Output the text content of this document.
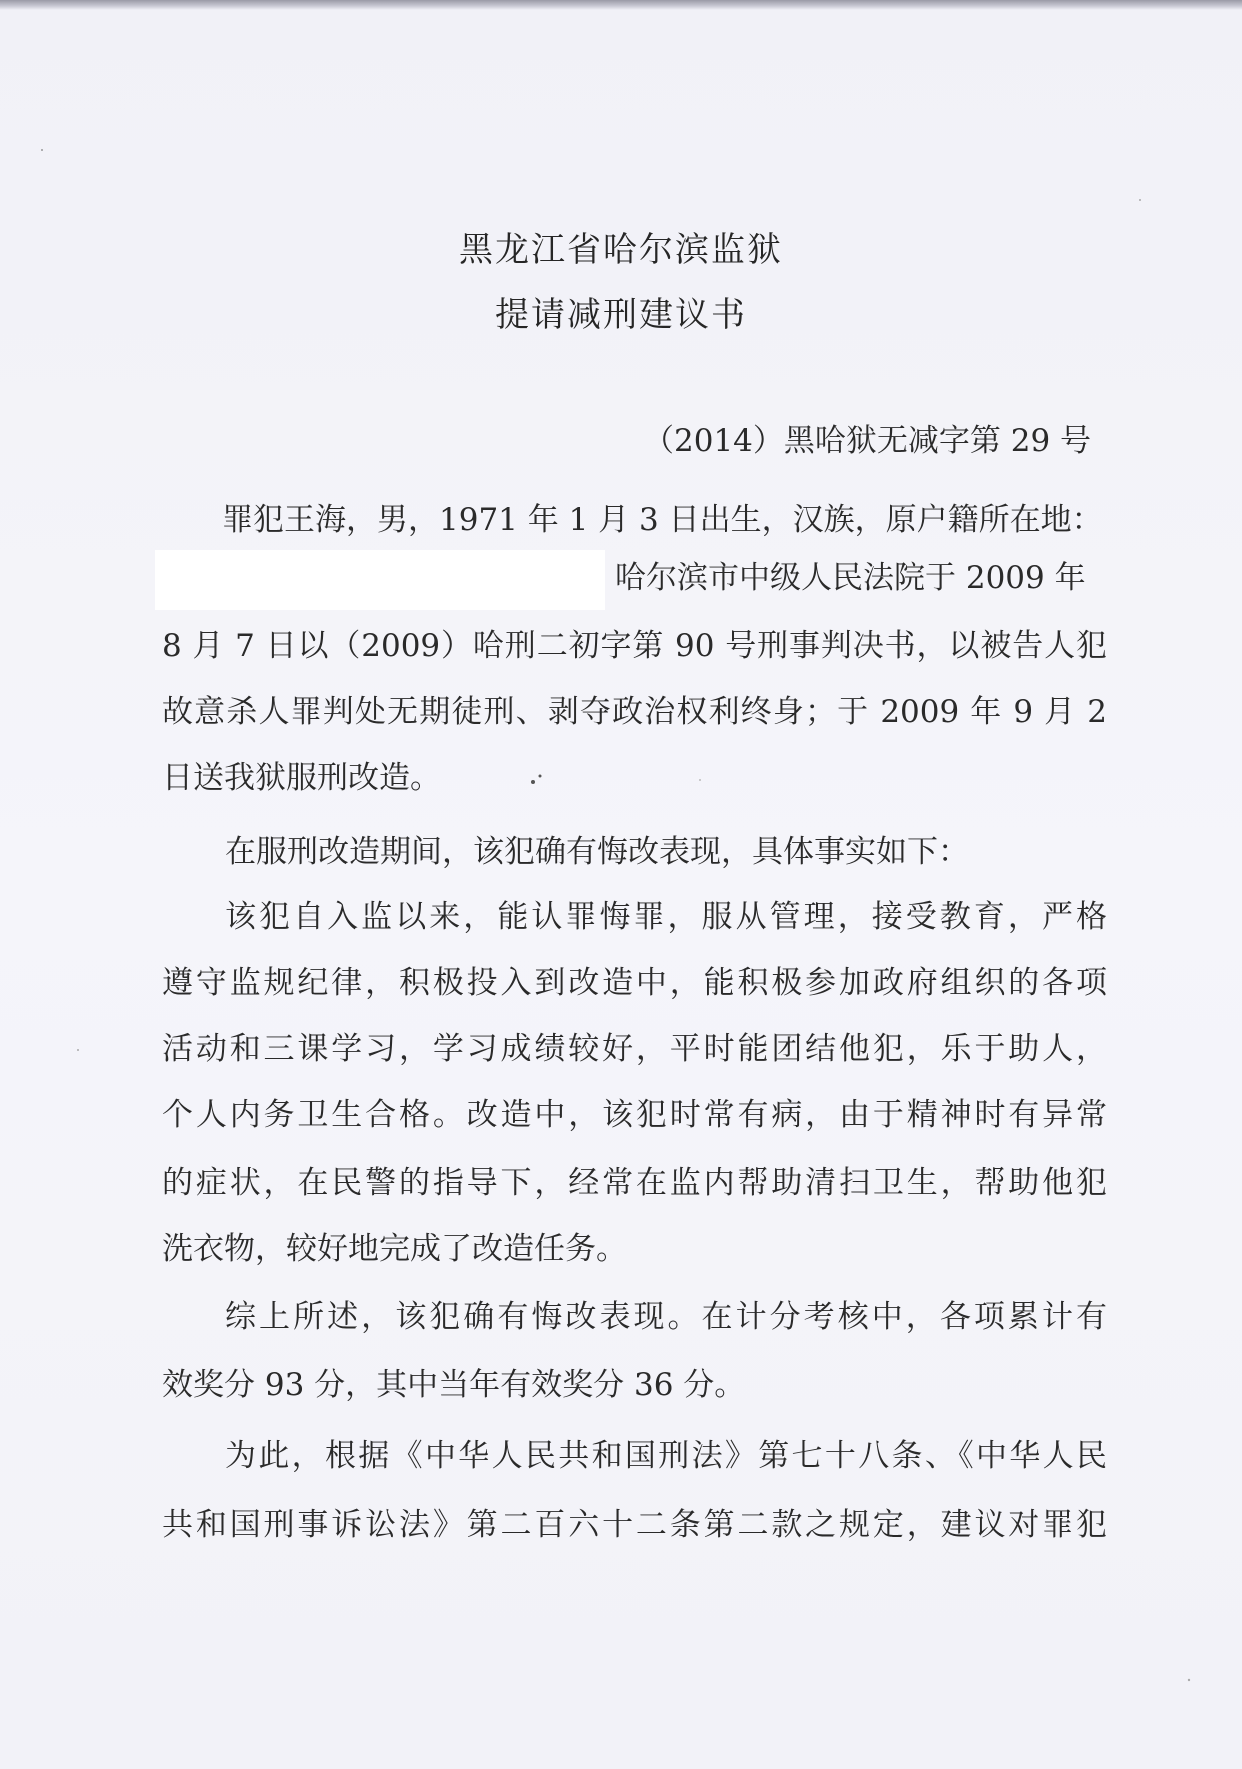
黑龙江省哈尔滨监狱
提请减刑建议书
（2014）黑哈狱无减字第 29 号
罪犯王海，男，1971 年 1 月 3 日出生，汉族，原户籍所在地：
哈尔滨市中级人民法院于 2009 年
8 月 7 日以（2009）哈刑二初字第 90 号刑事判决书，以被告人犯
故意杀人罪判处无期徒刑、剥夺政治权利终身；于 2009 年 9 月 2
日送我狱服刑改造。
在服刑改造期间，该犯确有悔改表现，具体事实如下：
该犯自入监以来，能认罪悔罪，服从管理，接受教育，严格
遵守监规纪律，积极投入到改造中，能积极参加政府组织的各项
活动和三课学习，学习成绩较好，平时能团结他犯，乐于助人，
个人内务卫生合格。改造中，该犯时常有病，由于精神时有异常
的症状，在民警的指导下，经常在监内帮助清扫卫生，帮助他犯
洗衣物，较好地完成了改造任务。
综上所述，该犯确有悔改表现。在计分考核中，各项累计有
效奖分 93 分，其中当年有效奖分 36 分。
为此，根据《中华人民共和国刑法》第七十八条、《中华人民
共和国刑事诉讼法》第二百六十二条第二款之规定，建议对罪犯
